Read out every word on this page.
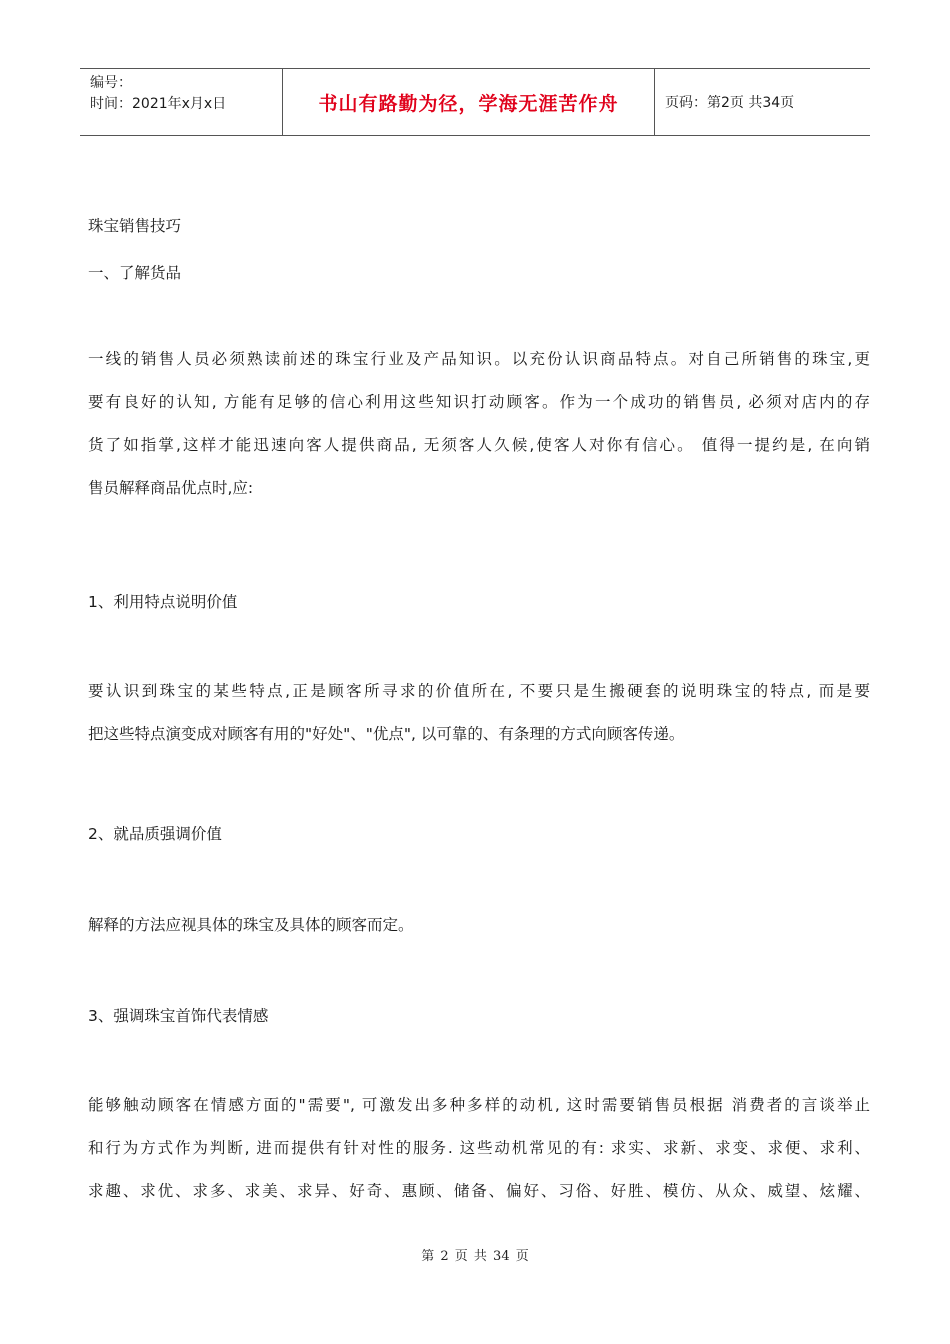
编号：
时间：2021年x月x日	书山有路勤为径，学海无涯苦作舟	页码：第2页 共34页
珠宝销售技巧
一、了解货品
一线的销售人员必须熟读前述的珠宝行业及产品知识。以充份认识商品特点。对自己所销售的珠宝,更
要有良好的认知, 方能有足够的信心利用这些知识打动顾客。作为一个成功的销售员, 必须对店内的存
货了如指掌,这样才能迅速向客人提供商品, 无须客人久候,使客人对你有信心。 值得一提约是, 在向销
售员解释商品优点时,应:
1、利用特点说明价值
要认识到珠宝的某些特点,正是顾客所寻求的价值所在, 不要只是生搬硬套的说明珠宝的特点, 而是要
把这些特点演变成对顾客有用的"好处"、"优点", 以可靠的、有条理的方式向顾客传递。
2、就品质强调价值
解释的方法应视具体的珠宝及具体的顾客而定。
3、强调珠宝首饰代表情感
能够触动顾客在情感方面的"需要", 可激发出多种多样的动机, 这时需要销售员根据 消费者的言谈举止
和行为方式作为判断, 进而提供有针对性的服务. 这些动机常见的有: 求实、求新、求变、求便、求利、
求趣、求优、求多、求美、求异、好奇、惠顾、储备、偏好、习俗、好胜、模仿、从众、威望、炫耀、
第 2 页 共 34 页
